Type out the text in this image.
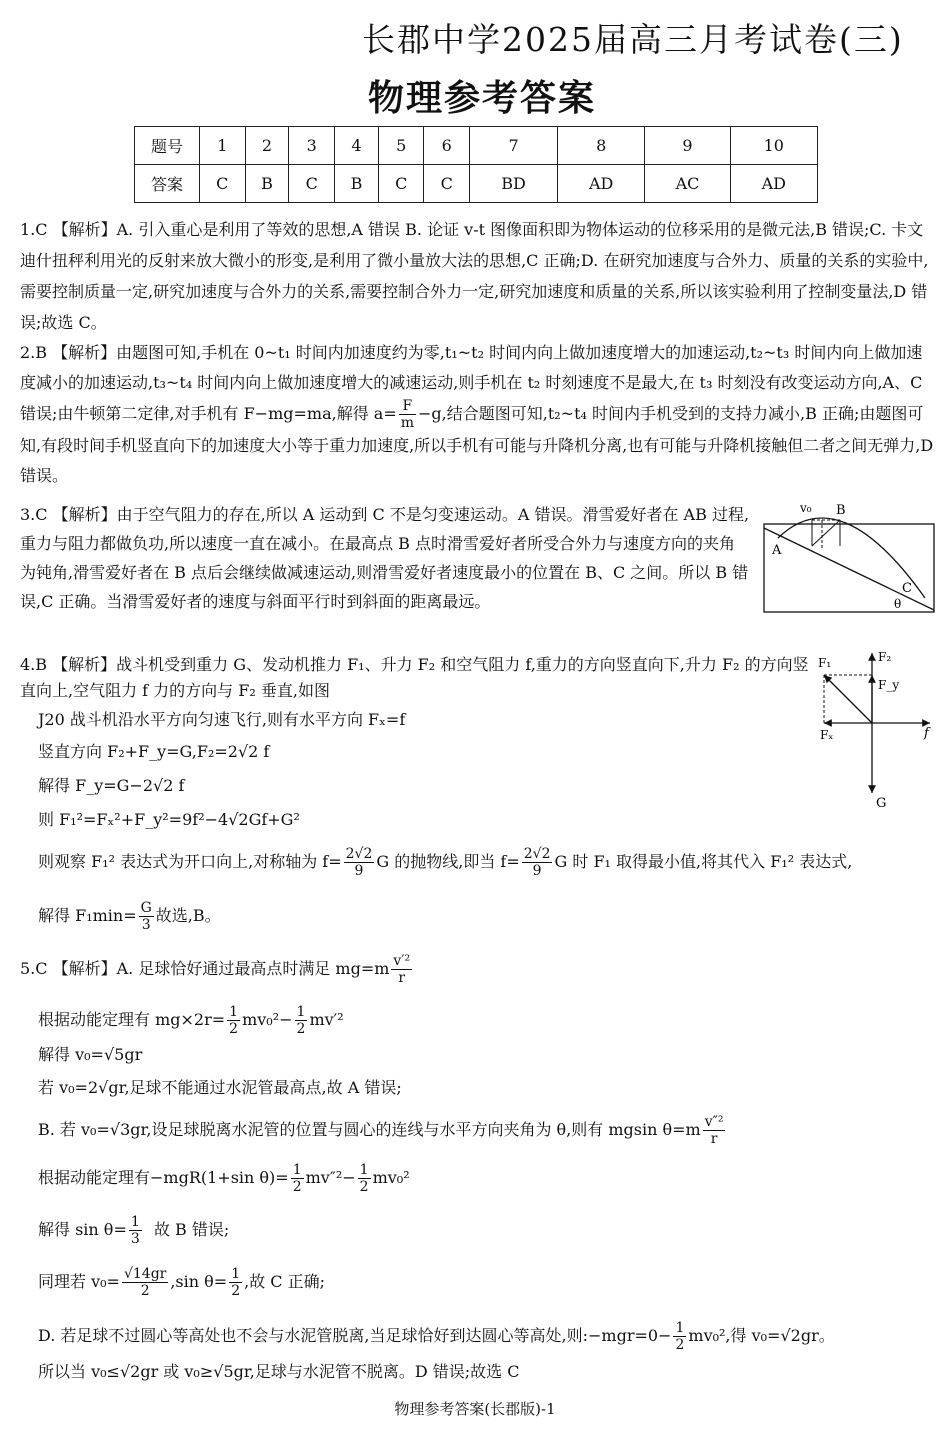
长郡中学2025届高三月考试卷(三)
物理参考答案
题号	1	2	3	4	5	6	7	8	9	10
答案	C	B	C	B	C	C	BD	AD	AC	AD
1.C 【解析】A. 引入重心是利用了等效的思想,A 错误 B. 论证 v-t 图像面积即为物体运动的位移采用的是微元法,B 错误;C. 卡文迪什扭秤利用光的反射来放大微小的形变,是利用了微小量放大法的思想,C 正确;D. 在研究加速度与合外力、质量的关系的实验中,需要控制质量一定,研究加速度与合外力的关系,需要控制合外力一定,研究加速度和质量的关系,所以该实验利用了控制变量法,D 错误;故选 C。
2.B 【解析】由题图可知,手机在 0~t₁ 时间内加速度约为零,t₁~t₂ 时间内向上做加速度增大的加速运动,t₂~t₃ 时间内向上做加速度减小的加速运动,t₃~t₄ 时间内向上做加速度增大的减速运动,则手机在 t₂ 时刻速度不是最大,在 t₃ 时刻没有改变运动方向,A、C 错误;由牛顿第二定律,对手机有 F−mg=ma,解得 $a= \frac{F}{m} -g$,结合题图可知,t₂~t₄ 时间内手机受到的支持力减小,B 正确;由题图可知,有段时间手机竖直向下的加速度大小等于重力加速度,所以手机有可能与升降机分离,也有可能与升降机接触但二者之间无弹力,D 错误。
3.C 【解析】由于空气阻力的存在,所以 A 运动到 C 不是匀变速运动。A 错误。滑雪爱好者在 AB 过程,重力与阻力都做负功,所以速度一直在减小。在最高点 B 点时滑雪爱好者所受合外力与速度方向的夹角为钝角,滑雪爱好者在 B 点后会继续做减速运动,则滑雪爱好者速度最小的位置在 B、C 之间。所以 B 错误,C 正确。当滑雪爱好者的速度与斜面平行时到斜面的距离最远。
v₀ B
A
C
θ
4.B 【解析】战斗机受到重力 G、发动机推力 F₁、升力 F₂ 和空气阻力 f,重力的方向竖直向下,升力 F₂ 的方向竖直向上,空气阻力 f 力的方向与 F₂ 垂直,如图
J20 战斗机沿水平方向匀速飞行,则有水平方向 Fₓ=f
竖直方向 F₂+F_y=G,F₂=2√2 f
解得 F_y=G−2√2 f
则 F₁²=Fₓ²+F_y²=9f²−4√2Gf+G²
则观察 F₁² 表达式为开口向上,对称轴为 $f= \frac{2√2}{9}$ G 的抛物线,即当 $f= \frac{2√2}{9}$ G 时 F₁ 取得最小值,将其代入 F₁² 表达式,
解得 $F_1\min= \frac{G}{3}$ 故选,B。
F₁	F₂
F_y
Fₓ	f
G
5.C 【解析】A. 足球恰好通过最高点时满足 $mg=m \frac{\text{v′²}}{r}$
根据动能定理有 $mg\times 2r= \frac{1}{2} mv_0^2- \frac{1}{2} mv'^2$
解得 v₀=√5gr
若 v₀=2√gr,足球不能通过水泥管最高点,故 A 错误;
B. 若 v₀=√3gr,设足球脱离水泥管的位置与圆心的连线与水平方向夹角为 θ,则有 mgsin $\theta=m \frac{\text{v″²}}{r}$
根据动能定理有−mgR(1+sin $\theta)= \frac{1}{2} mv''^2- \frac{1}{2} mv_0^2$
解得 $\sin \theta= \frac{1}{3}$ 故 B 错误;
同理若 $v_0= \frac{√14gr}{2} ,\sin$ $\theta= \frac{1}{2}$ ,故 C 正确;
D. 若足球不过圆心等高处也不会与水泥管脱离,当足球恰好到达圆心等高处,则:−mgr=0− $\frac{1}{2} mv_0^2$,得 v₀=√2gr。
所以当 v₀≤√2gr 或 v₀≥√5gr,足球与水泥管不脱离。D 错误;故选 C
物理参考答案(长郡版)-1
